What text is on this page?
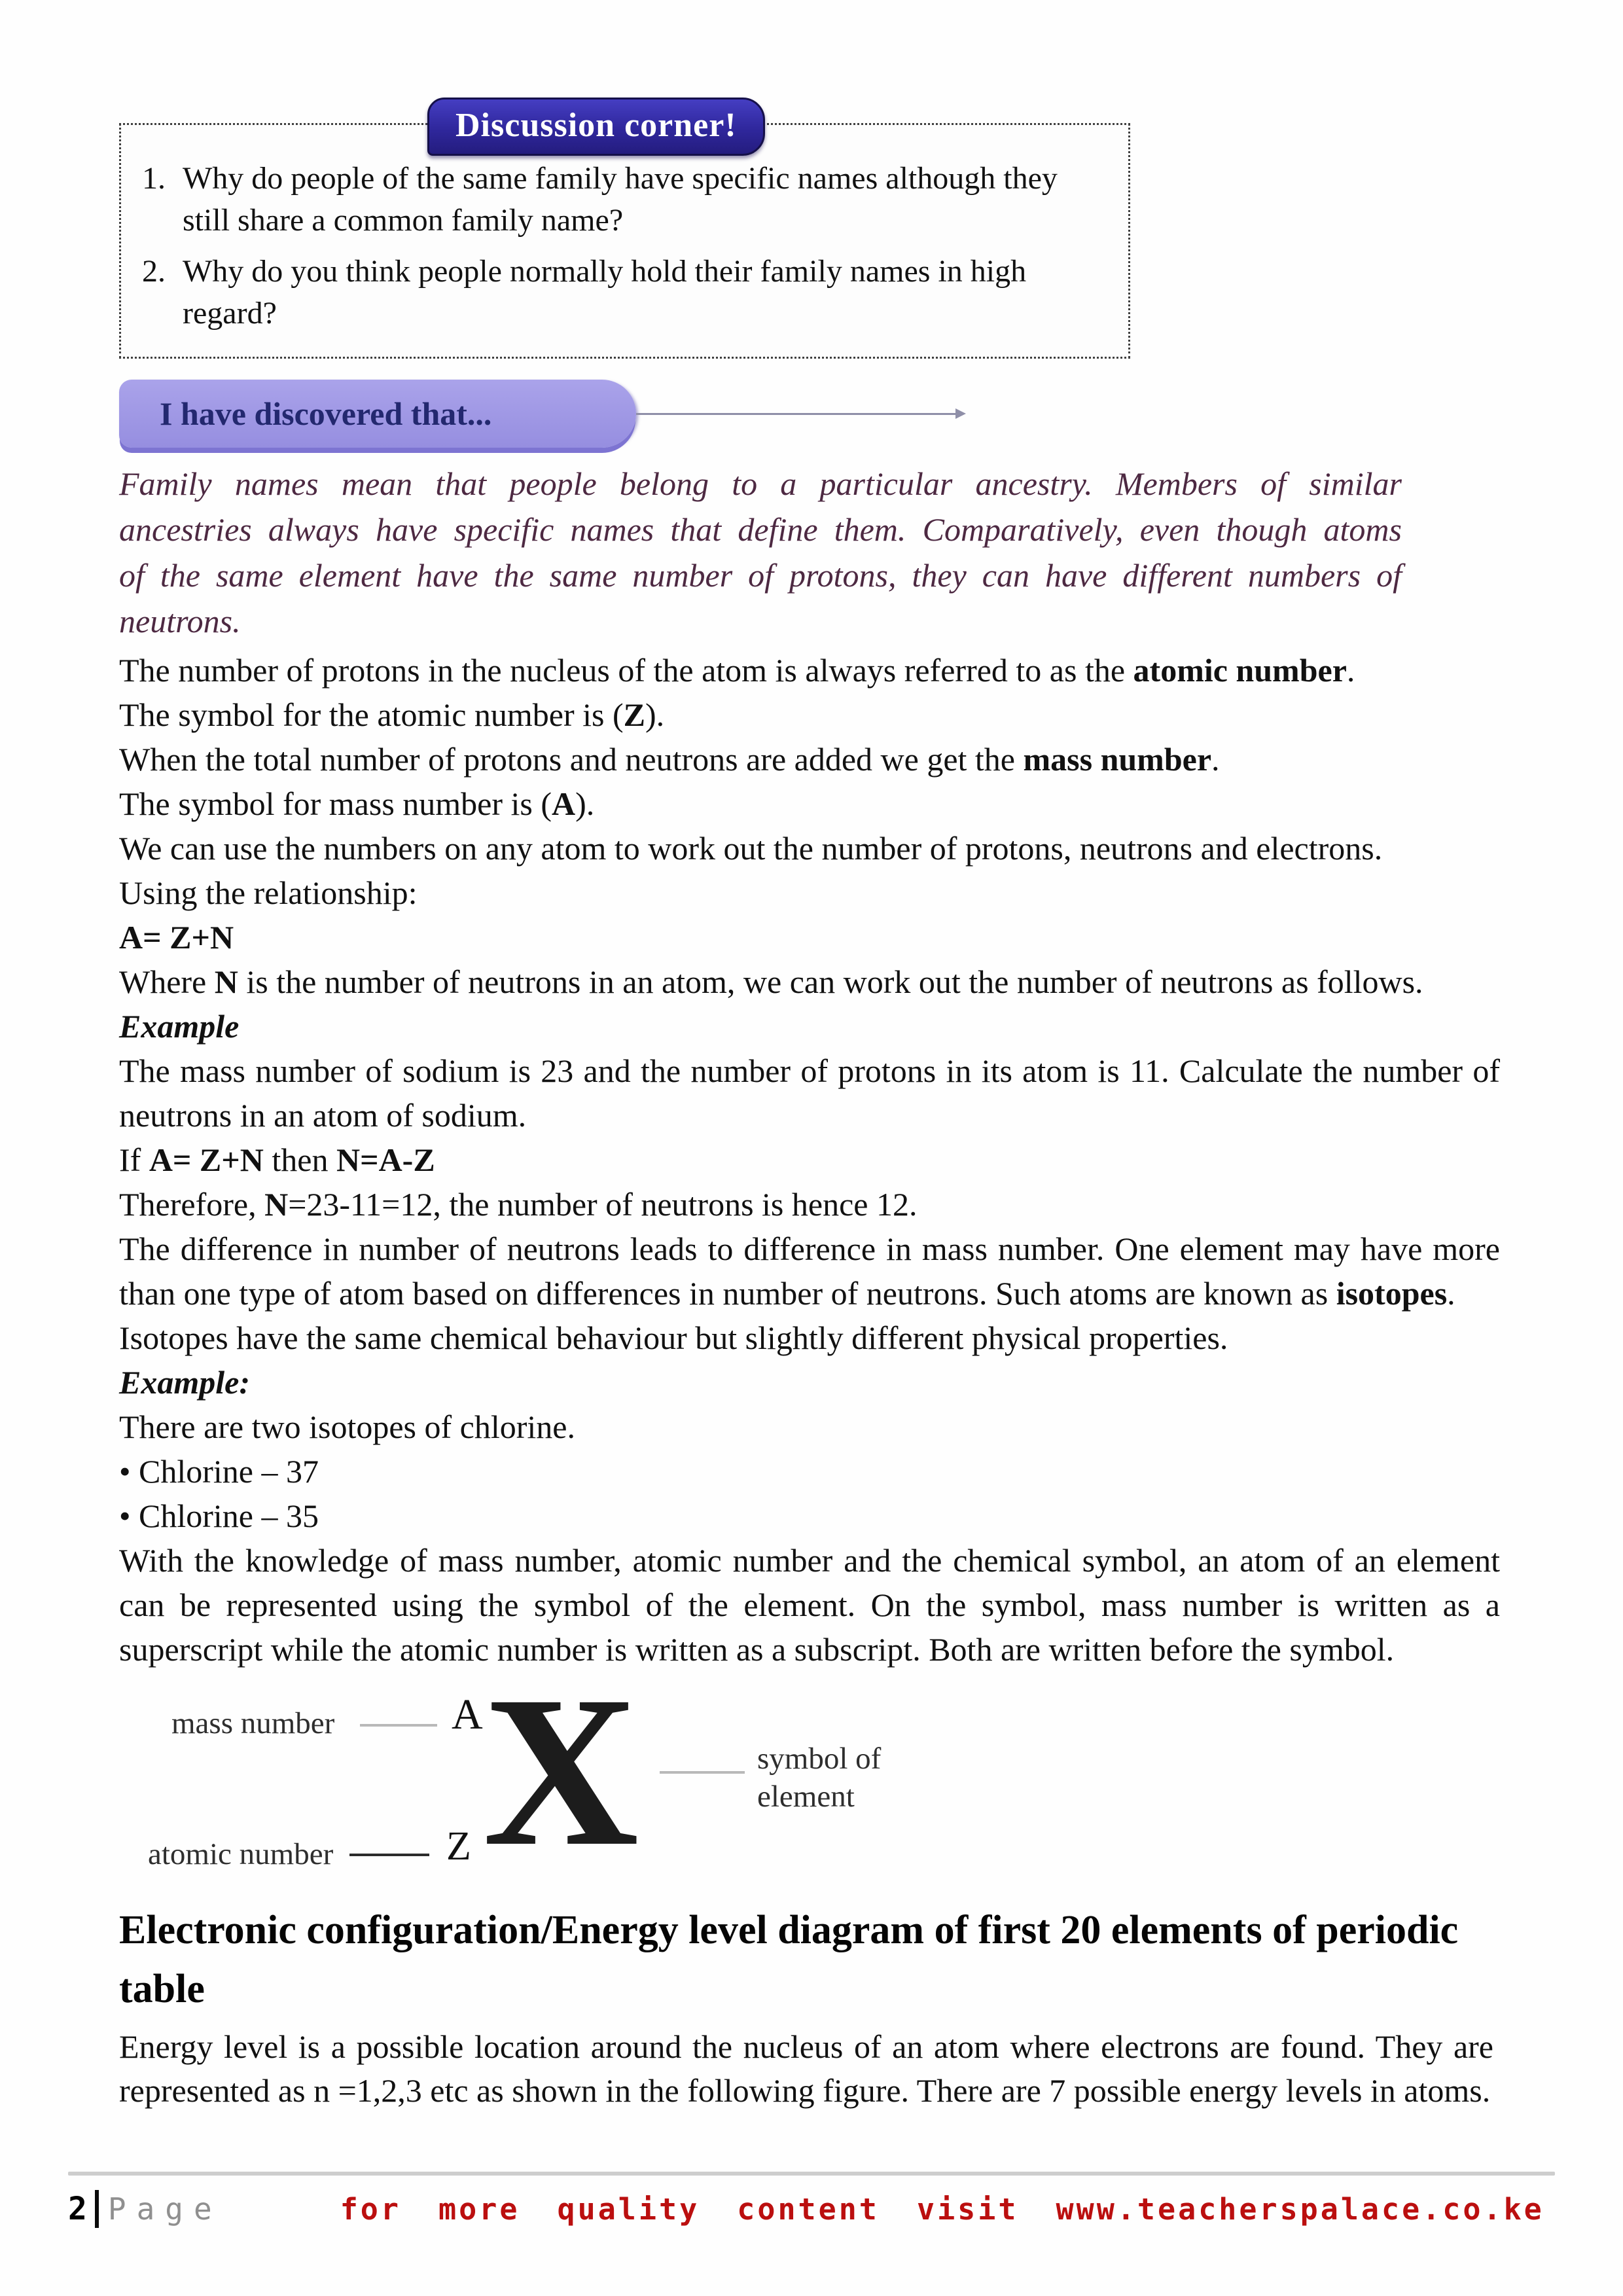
Discussion corner!
1. Why do people of the same family have specific names although they still share a common family name?
2. Why do you think people normally hold their family names in high regard?
I have discovered that...
Family names mean that people belong to a particular ancestry. Members of similar
ancestries always have specific names that define them. Comparatively, even though atoms
of the same element have the same number of protons, they can have different numbers of
neutrons.

The number of protons in the nucleus of the atom is always referred to as the atomic number.

The symbol for the atomic number is (Z).

When the total number of protons and neutrons are added we get the mass number.

The symbol for mass number is (A).

We can use the numbers on any atom to work out the number of protons, neutrons and electrons.

Using the relationship:

A= Z+N

Where N is the number of neutrons in an atom, we can work out the number of neutrons as follows.

Example

The mass number of sodium is 23 and the number of protons in its atom is 11. Calculate the number of neutrons in an atom of sodium.

If A= Z+N then N=A-Z

Therefore, N=23-11=12, the number of neutrons is hence 12.

The difference in number of neutrons leads to difference in mass number. One element may have more than one type of atom based on differences in number of neutrons. Such atoms are known as isotopes.

Isotopes have the same chemical behaviour but slightly different physical properties.

Example:

There are two isotopes of chlorine.

• Chlorine – 37

• Chlorine – 35

With the knowledge of mass number, atomic number and the chemical symbol, an atom of an element can be represented using the symbol of the element. On the symbol, mass number is written as a superscript while the atomic number is written as a subscript. Both are written before the symbol.

mass number	A X	symbol of element
atomic number	Z
Electronic configuration/Energy level diagram of first 20 elements of periodic table

Energy level is a possible location around the nucleus of an atom where electrons are found. They are represented as n =1,2,3 etc as shown in the following figure. There are 7 possible energy levels in atoms.

2 Page	for more quality content visit www.teacherspalace.co.ke
